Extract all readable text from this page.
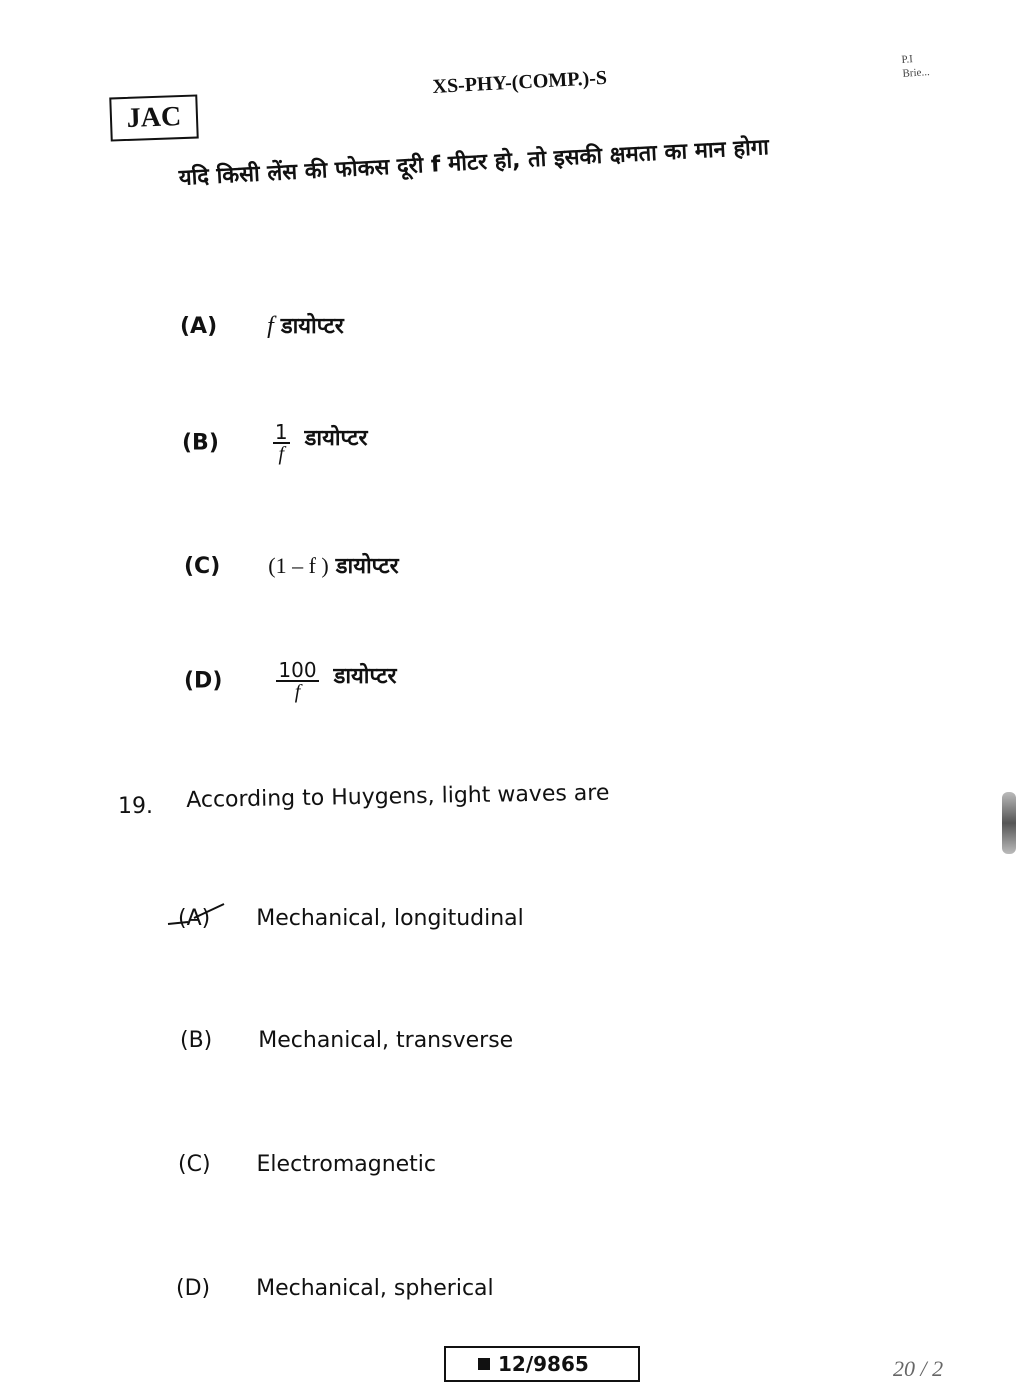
JAC
XS-PHY-(COMP.)-S
P.I
Brie...
यदि किसी लेंस की फोकस दूरी f मीटर हो, तो इसकी क्षमता का मान होगा
(A) f डायोप्टर
(B)	$\frac{1}{f}$ डायोप्टर
(C) (1 – f ) डायोप्टर
(D)	$\frac{100}{f}$ डायोप्टर
19. According to Huygens, light waves are
(A) Mechanical, longitudinal
(B) Mechanical, transverse
(C) Electromagnetic
(D) Mechanical, spherical
12/9865	20 / 2
